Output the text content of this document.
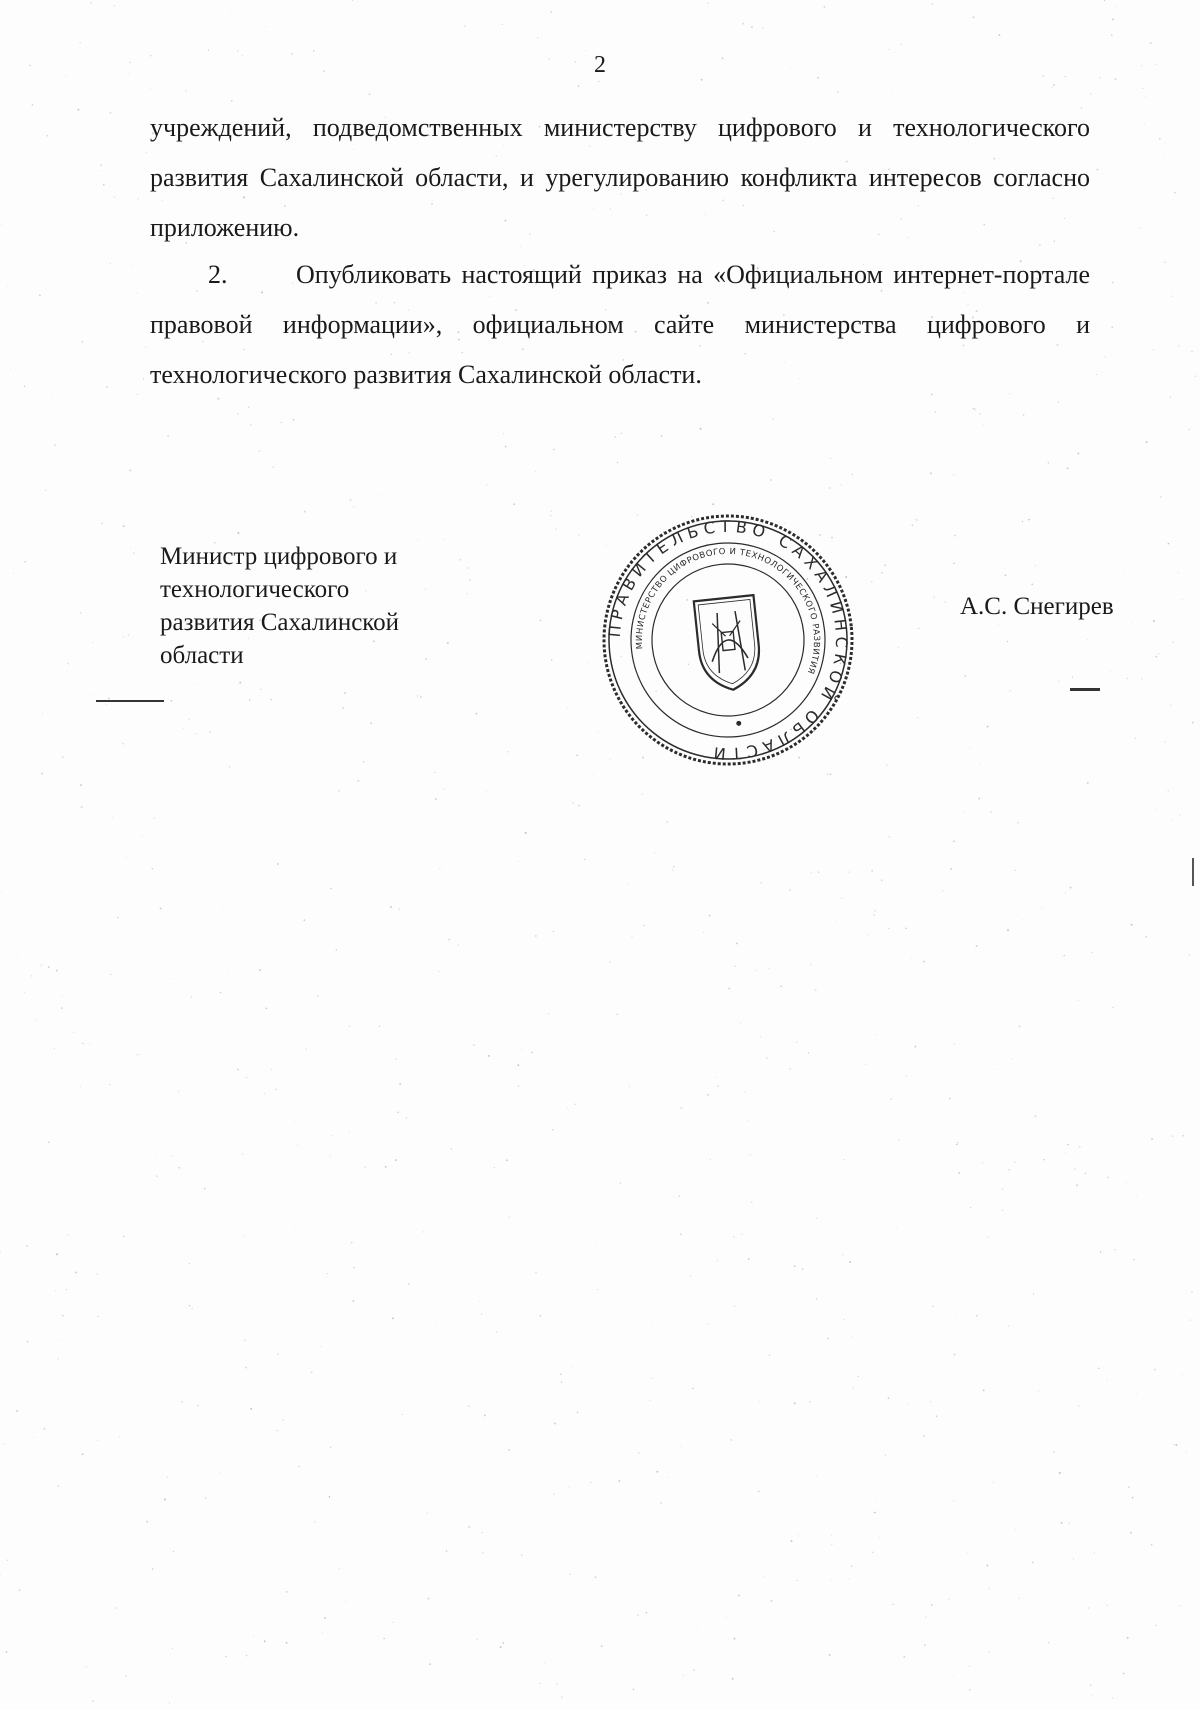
2
учреждений, подведомственных министерству цифрового и технологического развития Сахалинской области, и урегулированию конфликта интересов согласно приложению.
2.	Опубликовать настоящий приказ на «Официальном интернет-портале правовой информации», официальном сайте министерства цифрового и технологического развития Сахалинской области.
Министр цифрового и
технологического
развития Сахалинской
области
ПРАВИТЕЛЬСТВО САХАЛИНСКОЙ ОБЛАСТИ
МИНИСТЕРСТВО ЦИФРОВОГО И ТЕХНОЛОГИЧЕСКОГО РАЗВИТИЯ
А.С. Снегирев
